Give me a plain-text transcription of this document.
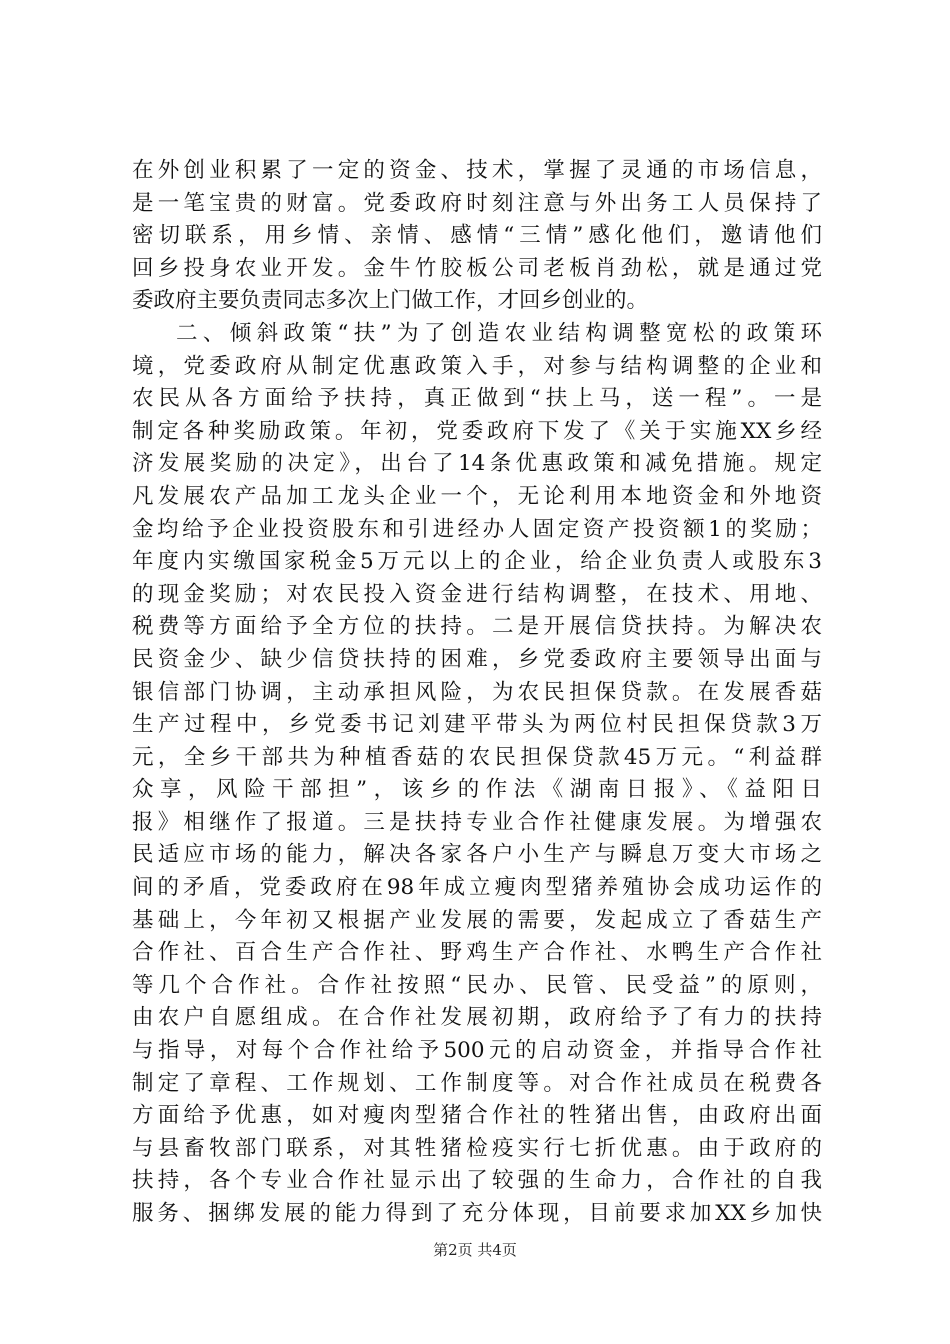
在外创业积累了一定的资金、技术，掌握了灵通的市场信息，
是一笔宝贵的财富。党委政府时刻注意与外出务工人员保持了
密切联系，用乡情、亲情、感情“三情”感化他们，邀请他们
回乡投身农业开发。金牛竹胶板公司老板肖劲松，就是通过党
委政府主要负责同志多次上门做工作，才回乡创业的。
二、倾斜政策“扶”为了创造农业结构调整宽松的政策环
境，党委政府从制定优惠政策入手，对参与结构调整的企业和
农民从各方面给予扶持，真正做到“扶上马，送一程”。一是
制定各种奖励政策。年初，党委政府下发了《关于实施XX乡经
济发展奖励的决定》，出台了14条优惠政策和减免措施。规定
凡发展农产品加工龙头企业一个，无论利用本地资金和外地资
金均给予企业投资股东和引进经办人固定资产投资额1的奖励；
年度内实缴国家税金5万元以上的企业，给企业负责人或股东3
的现金奖励；对农民投入资金进行结构调整，在技术、用地、
税费等方面给予全方位的扶持。二是开展信贷扶持。为解决农
民资金少、缺少信贷扶持的困难，乡党委政府主要领导出面与
银信部门协调，主动承担风险，为农民担保贷款。在发展香菇
生产过程中，乡党委书记刘建平带头为两位村民担保贷款3万
元，全乡干部共为种植香菇的农民担保贷款45万元。“利益群
众享，风险干部担”，该乡的作法《湖南日报》、《益阳日
报》相继作了报道。三是扶持专业合作社健康发展。为增强农
民适应市场的能力，解决各家各户小生产与瞬息万变大市场之
间的矛盾，党委政府在98年成立瘦肉型猪养殖协会成功运作的
基础上，今年初又根据产业发展的需要，发起成立了香菇生产
合作社、百合生产合作社、野鸡生产合作社、水鸭生产合作社
等几个合作社。合作社按照“民办、民管、民受益”的原则，
由农户自愿组成。在合作社发展初期，政府给予了有力的扶持
与指导，对每个合作社给予500元的启动资金，并指导合作社
制定了章程、工作规划、工作制度等。对合作社成员在税费各
方面给予优惠，如对瘦肉型猪合作社的牲猪出售，由政府出面
与县畜牧部门联系，对其牲猪检疫实行七折优惠。由于政府的
扶持，各个专业合作社显示出了较强的生命力，合作社的自我
服务、捆绑发展的能力得到了充分体现，目前要求加XX乡加快
第2页 共4页
